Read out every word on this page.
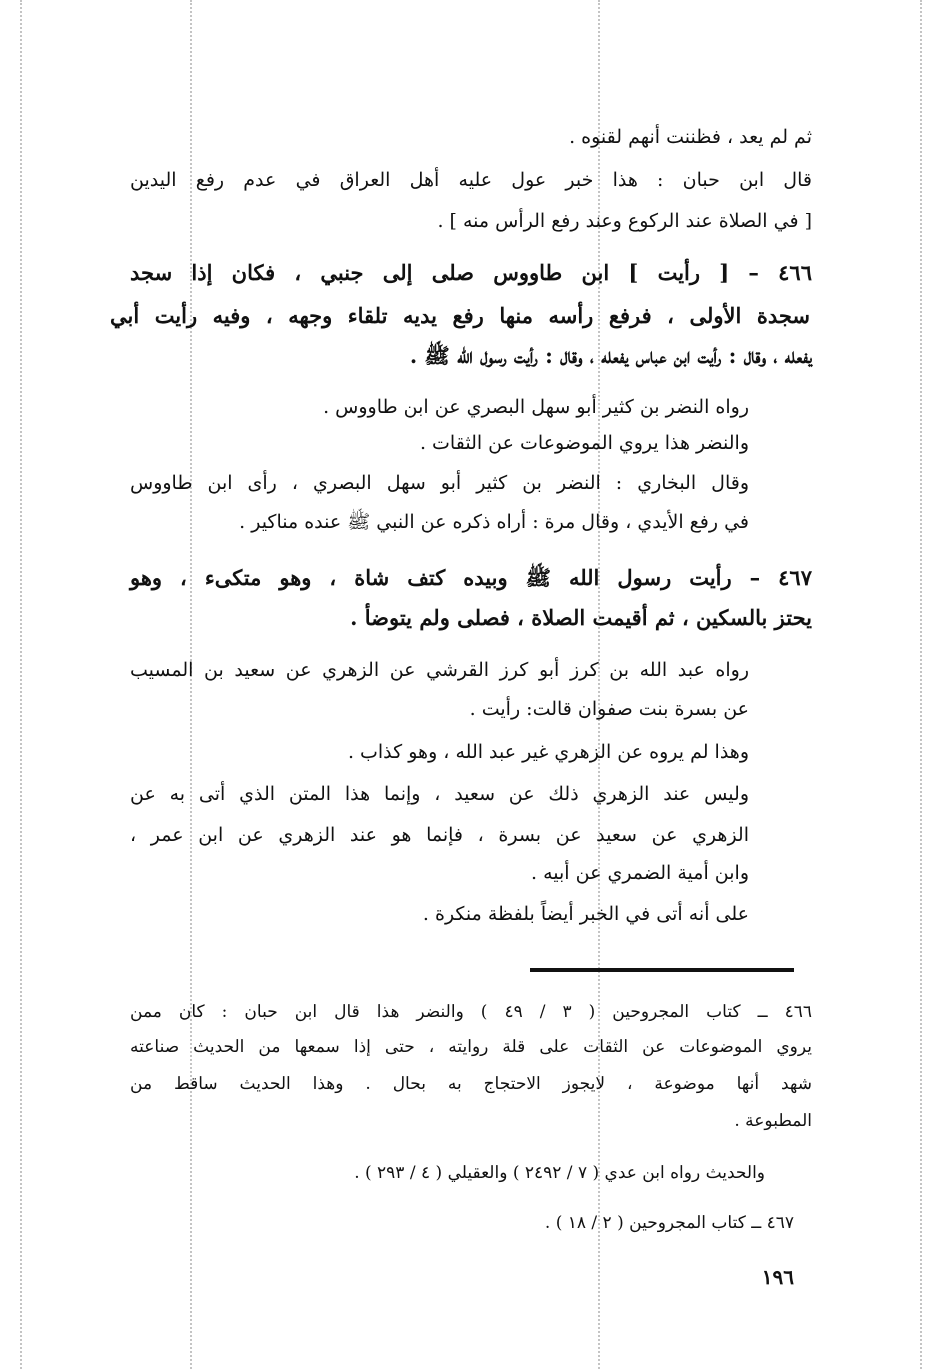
ثم لم يعد ، فظننت أنهم لقنوه .
قال ابن حبان : هذا خبر عول عليه أهل العراق في عدم رفع اليدين
[ في الصلاة عند الركوع وعند رفع الرأس منه ] .
٤٦٦ – [ رأيت ] ابن طاووس صلى إلى جنبي ، فكان إذا سجد
سجدة الأولى ، فرفع رأسه منها رفع يديه تلقاء وجهه ، وفيه رأيت أبي
يفعله ، وقال : رأيت ابن عباس يفعله ، وقال : رأيت رسول الله ﷺ .
رواه النضر بن كثير أبو سهل البصري عن ابن طاووس .
والنضر هذا يروي الموضوعات عن الثقات .
وقال البخاري : النضر بن كثير أبو سهل البصري ، رأى ابن طاووس
في رفع الأيدي ، وقال مرة : أراه ذكره عن النبي ﷺ عنده مناكير .
٤٦٧ – رأيت رسول الله ﷺ وبيده كتف شاة ، وهو متكىء ، وهو
يحتز بالسكين ، ثم أقيمت الصلاة ، فصلى ولم يتوضأ .
رواه عبد الله بن كرز أبو كرز القرشي عن الزهري عن سعيد بن المسيب
عن بسرة بنت صفوان قالت: رأيت .
وهذا لم يروه عن الزهري غير عبد الله ، وهو كذاب .
وليس عند الزهري ذلك عن سعيد ، وإنما هذا المتن الذي أتى به عن
الزهري عن سعيد عن بسرة ، فإنما هو عند الزهري عن ابن عمر ،
وابن أمية الضمري عن أبيه .
على أنه أتى في الخبر أيضاً بلفظة منكرة .
٤٦٦ ــ كتاب المجروحين ( ٣ / ٤٩ ) والنضر هذا قال ابن حبان : كان ممن
يروي الموضوعات عن الثقات على قلة روايته ، حتى إذا سمعها من الحديث صناعته
شهد أنها موضوعة ، لايجوز الاحتجاج به بحال . وهذا الحديث ساقط من
المطبوعة .
والحديث رواه ابن عدي ( ٧ / ٢٤٩٢ ) والعقيلي ( ٤ / ٢٩٣ ) .
٤٦٧ ــ كتاب المجروحين ( ٢ / ١٨ ) .
١٩٦
